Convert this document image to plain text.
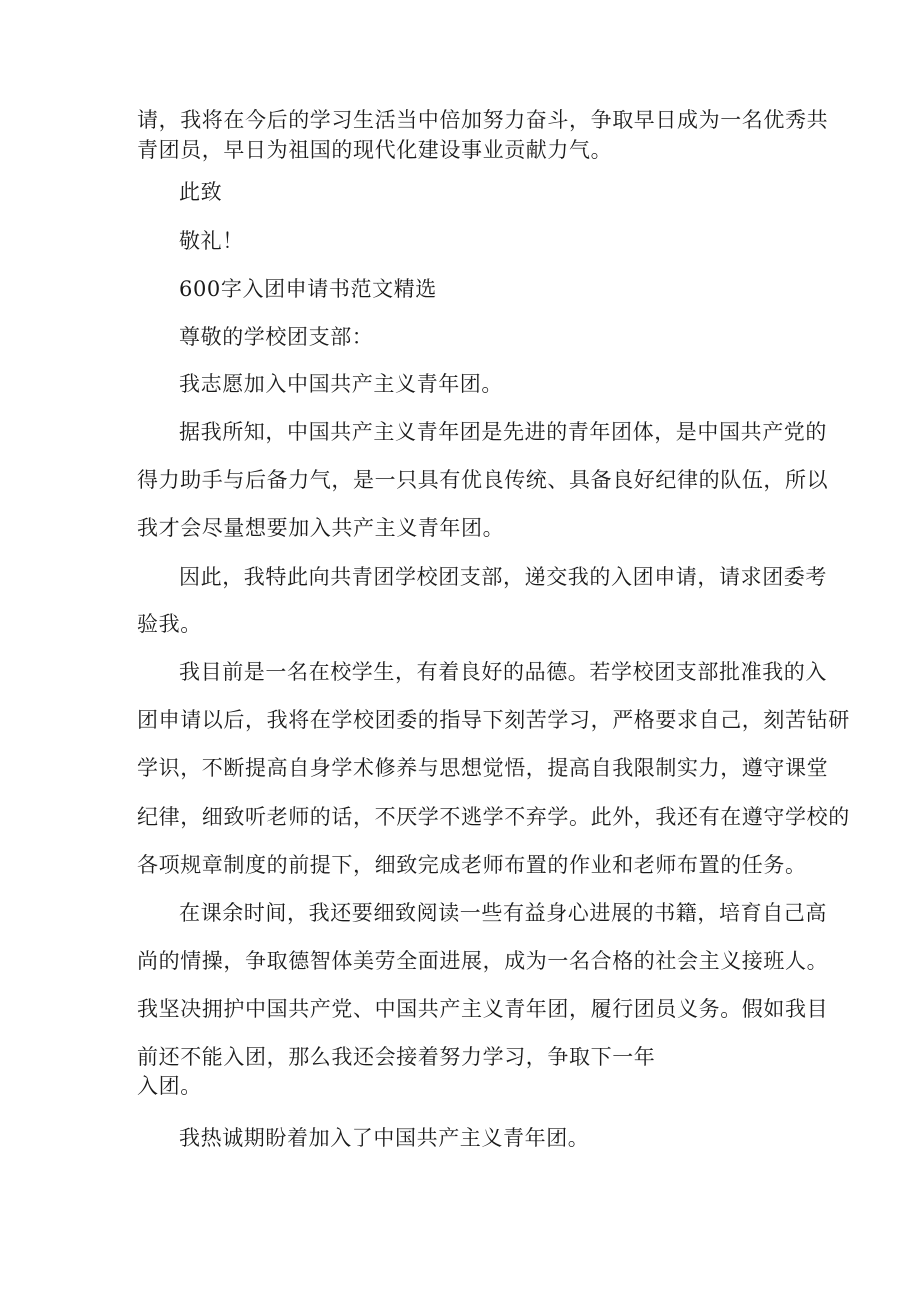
请，我将在今后的学习生活当中倍加努力奋斗，争取早日成为一名优秀共
青团员，早日为祖国的现代化建设事业贡献力气。
此致
敬礼！
600字入团申请书范文精选
尊敬的学校团支部：
我志愿加入中国共产主义青年团。
据我所知，中国共产主义青年团是先进的青年团体，是中国共产党的
得力助手与后备力气，是一只具有优良传统、具备良好纪律的队伍，所以
我才会尽量想要加入共产主义青年团。
因此，我特此向共青团学校团支部，递交我的入团申请，请求团委考
验我。
我目前是一名在校学生，有着良好的品德。若学校团支部批准我的入
团申请以后，我将在学校团委的指导下刻苦学习，严格要求自己，刻苦钻研
学识，不断提高自身学术修养与思想觉悟，提高自我限制实力，遵守课堂
纪律，细致听老师的话，不厌学不逃学不弃学。此外，我还有在遵守学校的
各项规章制度的前提下，细致完成老师布置的作业和老师布置的任务。
在课余时间，我还要细致阅读一些有益身心进展的书籍，培育自己高
尚的情操，争取德智体美劳全面进展，成为一名合格的社会主义接班人。
我坚决拥护中国共产党、中国共产主义青年团，履行团员义务。假如我目
前还不能入团，那么我还会接着努力学习，争取下一年
入团。
我热诚期盼着加入了中国共产主义青年团。
